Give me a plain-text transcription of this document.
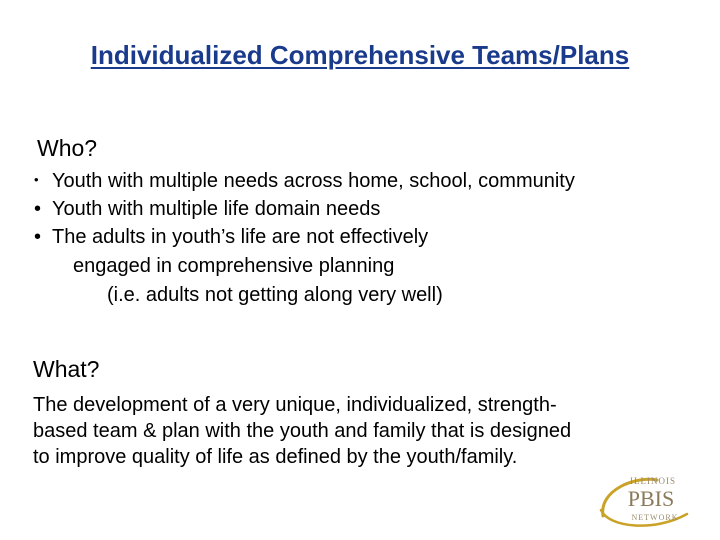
Individualized Comprehensive Teams/Plans
Who?
• Youth with multiple needs across home, school, community
• Youth with multiple life domain needs
• The adults in youth’s life are not effectively
engaged in comprehensive planning
(i.e. adults not getting along very well)
What?
The development of a very unique, individualized, strength-
based team & plan with the youth and family that is designed
to improve quality of life as defined by the youth/family.
ILLINOIS
PBIS
NETWORK
